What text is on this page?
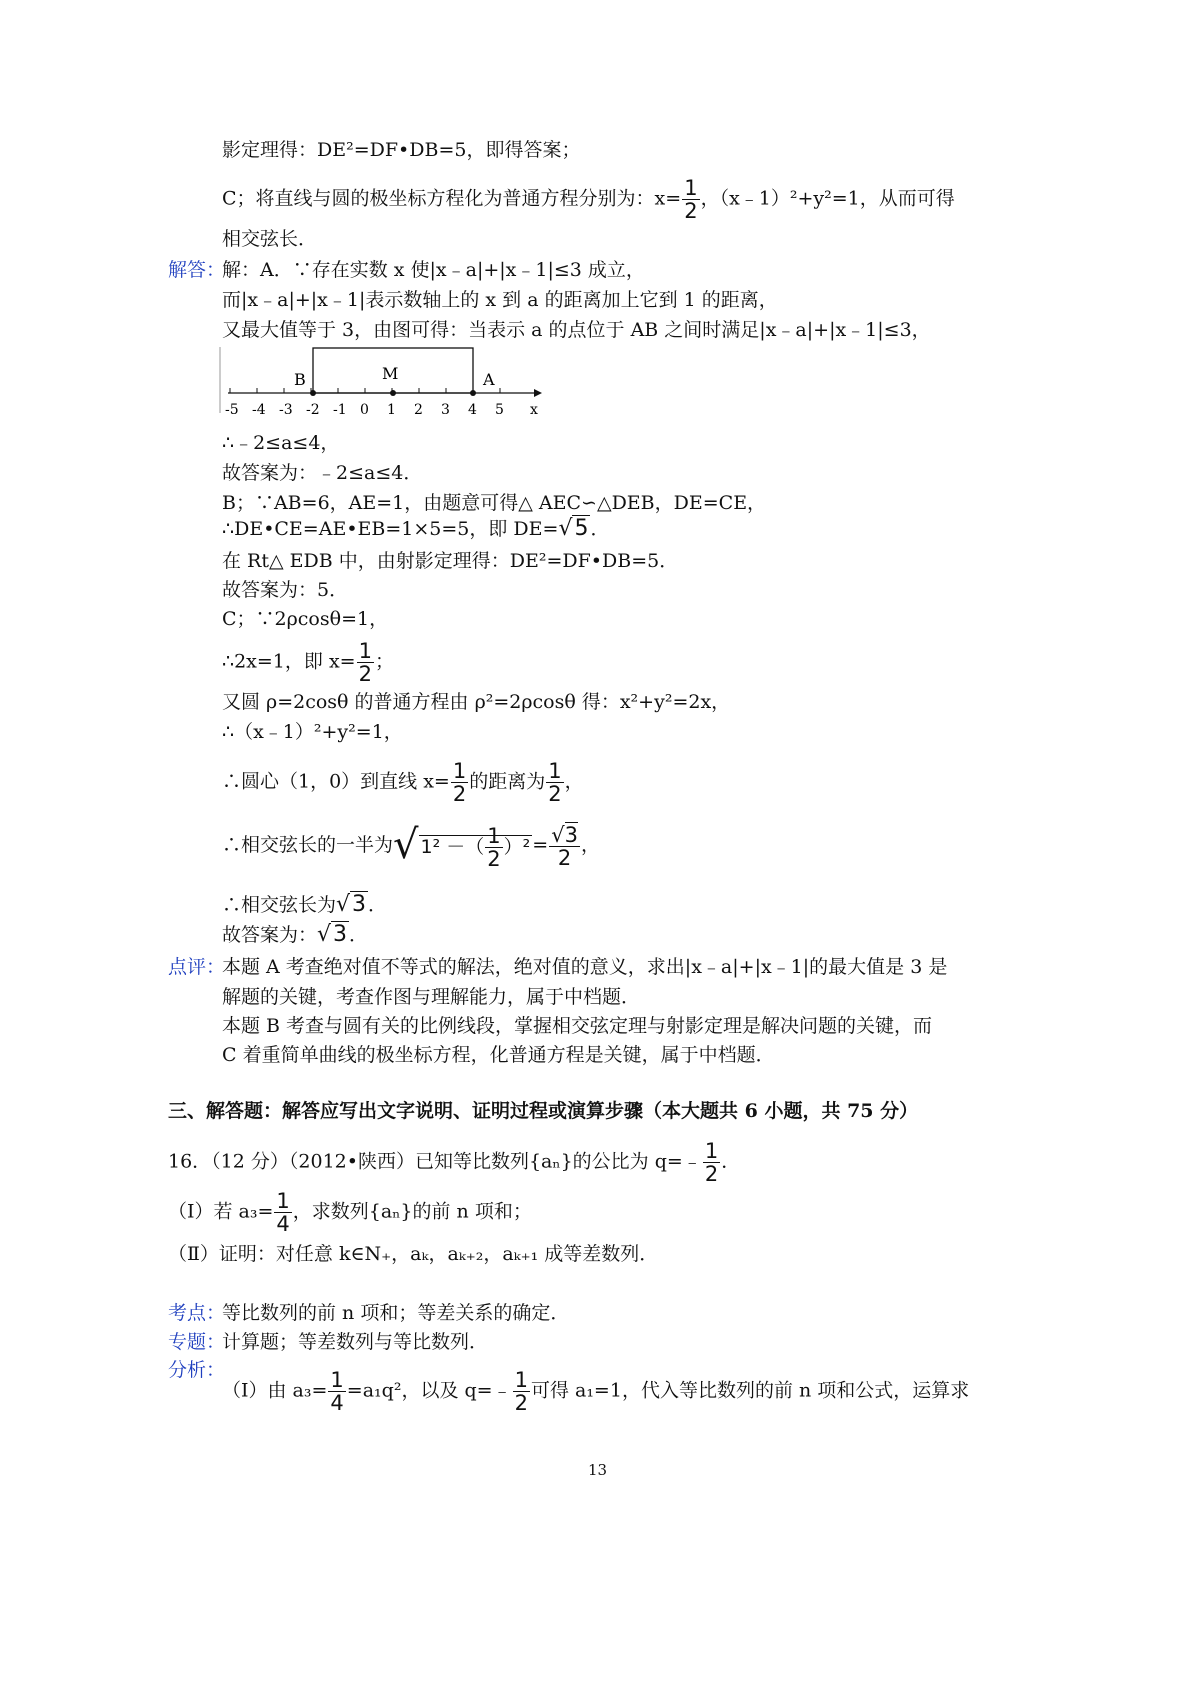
影定理得：DE²=DF•DB=5，即得答案；
C；将直线与圆的极坐标方程化为普通方程分别为：$x= \frac{1}{2}$ ，（x﹣1）²+y²=1，从而可得
相交弦长．
解答：
解：A．∵存在实数 x 使|x﹣a|+|x﹣1|≤3 成立，
而|x﹣a|+|x﹣1|表示数轴上的 x 到 a 的距离加上它到 1 的距离，
又最大值等于 3，由图可得：当表示 a 的点位于 AB 之间时满足|x﹣a|+|x﹣1|≤3，
-5 -4 -3 -2 -1 0 1 2 3 4 5
B	M	A
x
∴﹣2≤a≤4，
故答案为：﹣2≤a≤4．
B；∵AB=6，AE=1，由题意可得△ AEC∽△DEB，DE=CE，
∴DE•CE=AE•EB=1×5=5，即 DE=√5 ．
在 Rt△ EDB 中，由射影定理得：DE²=DF•DB=5．
故答案为：5．
C；∵2ρcosθ=1，
∴2x=1，即 $x= \frac{1}{2}$ ；
又圆 ρ=2cosθ 的普通方程由 ρ²=2ρcosθ 得：x²+y²=2x，
∴（x﹣1）²+y²=1，
∴圆心（1，0）到直线 $x= \frac{1}{2}$ 的距离为 $\frac{1}{2}$ ，
∴相交弦长的一半为√ 1² －（ $\frac{1}{2} )^2 = \frac{√3}{2}$ ，
∴相交弦长为√3 ．
故答案为：√3 ．
点评：
本题 A 考查绝对值不等式的解法，绝对值的意义，求出|x﹣a|+|x﹣1|的最大值是 3 是
解题的关键，考查作图与理解能力，属于中档题．
本题 B 考查与圆有关的比例线段，掌握相交弦定理与射影定理是解决问题的关键，而
C 着重简单曲线的极坐标方程，化普通方程是关键，属于中档题．
三、解答题：解答应写出文字说明、证明过程或演算步骤（本大题共 6 小题，共 75 分）
16．（12 分）（2012•陕西）已知等比数列{aₙ}的公比为 q=﹣ $\frac{1}{2}$ ．
（Ⅰ）若 $a_3= \frac{1}{4}$ ，求数列{aₙ}的前 n 项和；
（Ⅱ）证明：对任意 k∈N₊，aₖ，aₖ₊₂，aₖ₊₁ 成等差数列．
考点：
等比数列的前 n 项和；等差关系的确定．
专题：
计算题；等差数列与等比数列．
分析：
（Ⅰ）由 $a_3= \frac{1}{4} =a_1q^2$，以及 q=﹣ $\frac{1}{2}$ 可得 a₁=1，代入等比数列的前 n 项和公式，运算求
13
